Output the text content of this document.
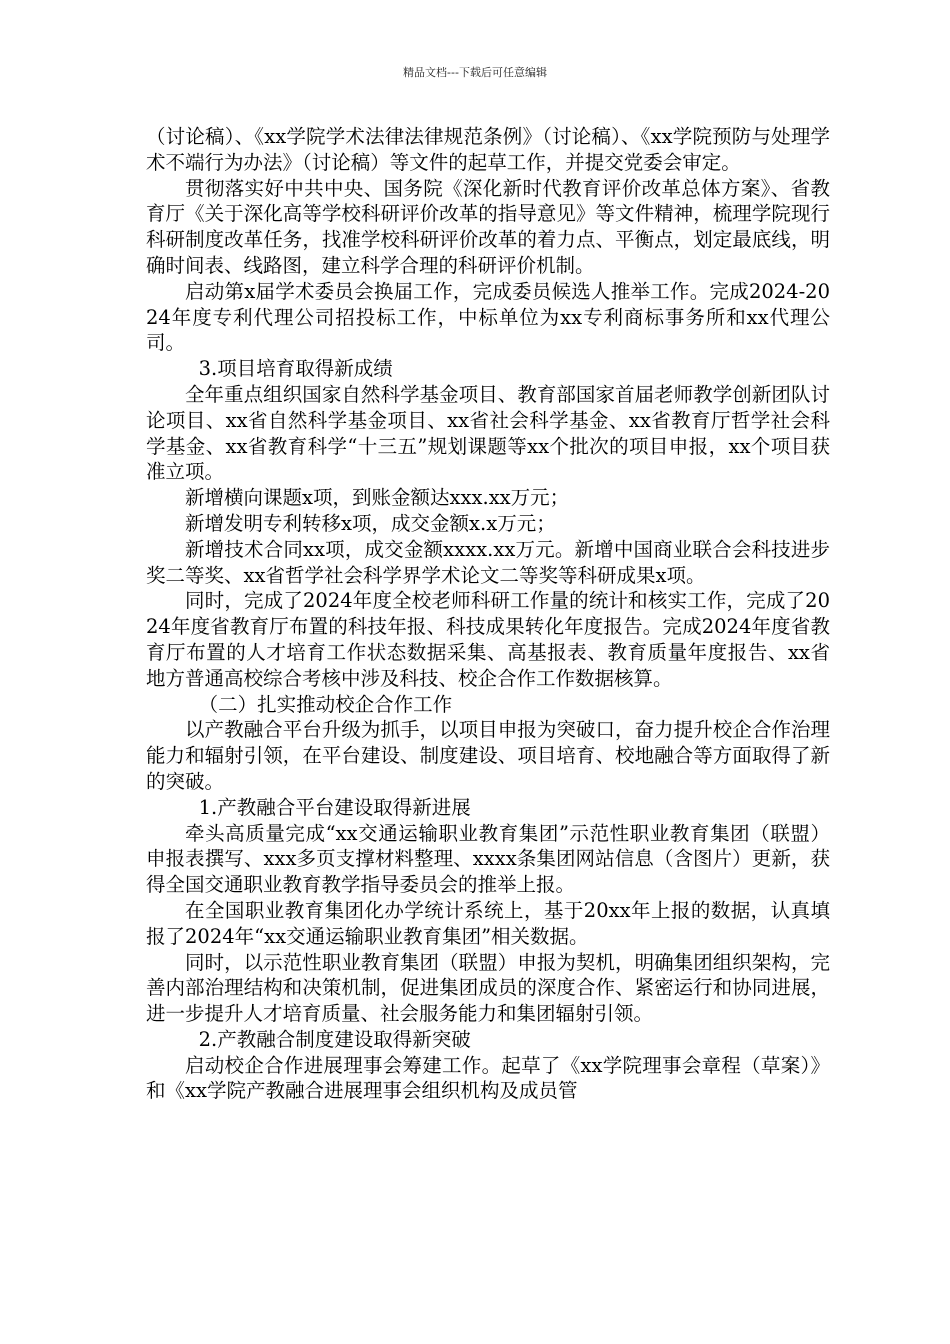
精品文档---下载后可任意编辑

（讨论稿）、《xx学院学术法律法律规范条例》（讨论稿）、《xx学院预防与处理学术不端行为办法》（讨论稿）等文件的起草工作，并提交党委会审定。

贯彻落实好中共中央、国务院《深化新时代教育评价改革总体方案》、省教育厅《关于深化高等学校科研评价改革的指导意见》等文件精神，梳理学院现行科研制度改革任务，找准学校科研评价改革的着力点、平衡点，划定最底线，明确时间表、线路图，建立科学合理的科研评价机制。

启动第x届学术委员会换届工作，完成委员候选人推举工作。完成2024-2024年度专利代理公司招投标工作，中标单位为xx专利商标事务所和xx代理公司。

3.项目培育取得新成绩

全年重点组织国家自然科学基金项目、教育部国家首届老师教学创新团队讨论项目、xx省自然科学基金项目、xx省社会科学基金、xx省教育厅哲学社会科学基金、xx省教育科学“十三五”规划课题等xx个批次的项目申报，xx个项目获准立项。

新增横向课题x项，到账金额达xxx.xx万元；

新增发明专利转移x项，成交金额x.x万元；

新增技术合同xx项，成交金额xxxx.xx万元。新增中国商业联合会科技进步奖二等奖、xx省哲学社会科学界学术论文二等奖等科研成果x项。

同时，完成了2024年度全校老师科研工作量的统计和核实工作，完成了2024年度省教育厅布置的科技年报、科技成果转化年度报告。完成2024年度省教育厅布置的人才培育工作状态数据采集、高基报表、教育质量年度报告、xx省地方普通高校综合考核中涉及科技、校企合作工作数据核算。

（二）扎实推动校企合作工作

以产教融合平台升级为抓手，以项目申报为突破口，奋力提升校企合作治理能力和辐射引领，在平台建设、制度建设、项目培育、校地融合等方面取得了新的突破。

1.产教融合平台建设取得新进展

牵头高质量完成“xx交通运输职业教育集团”示范性职业教育集团（联盟）申报表撰写、xxx多页支撑材料整理、xxxx条集团网站信息（含图片）更新，获得全国交通职业教育教学指导委员会的推举上报。

在全国职业教育集团化办学统计系统上，基于20xx年上报的数据，认真填报了2024年“xx交通运输职业教育集团”相关数据。

同时，以示范性职业教育集团（联盟）申报为契机，明确集团组织架构，完善内部治理结构和决策机制，促进集团成员的深度合作、紧密运行和协同进展，进一步提升人才培育质量、社会服务能力和集团辐射引领。

2.产教融合制度建设取得新突破

启动校企合作进展理事会筹建工作。起草了《xx学院理事会章程（草案）》和《xx学院产教融合进展理事会组织机构及成员管
